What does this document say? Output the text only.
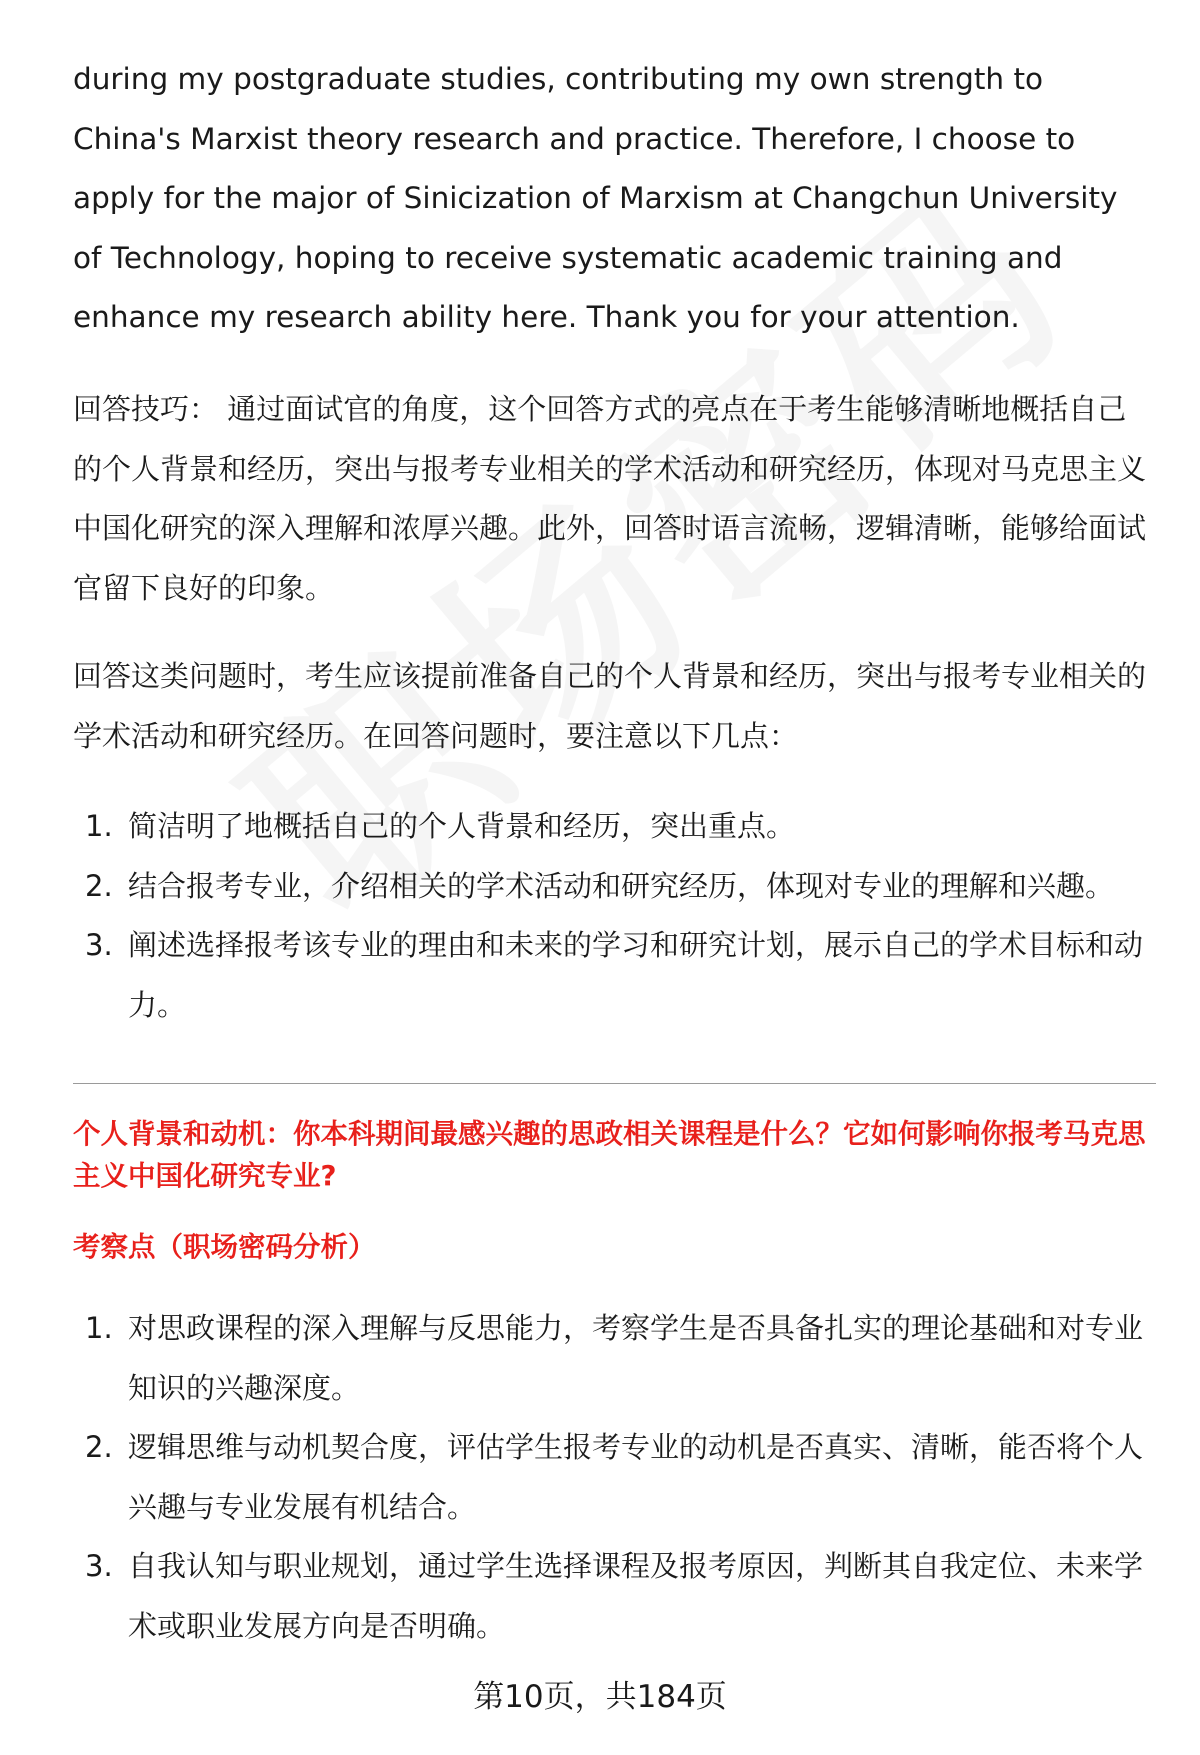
during my postgraduate studies, contributing my own strength to China's Marxist theory research and practice. Therefore, I choose to apply for the major of Sinicization of Marxism at Changchun University of Technology, hoping to receive systematic academic training and enhance my research ability here. Thank you for your attention.

回答技巧： 通过面试官的角度，这个回答方式的亮点在于考生能够清晰地概括自己的个人背景和经历，突出与报考专业相关的学术活动和研究经历，体现对马克思主义中国化研究的深入理解和浓厚兴趣。此外，回答时语言流畅，逻辑清晰，能够给面试官留下良好的印象。

回答这类问题时，考生应该提前准备自己的个人背景和经历，突出与报考专业相关的学术活动和研究经历。在回答问题时，要注意以下几点：

1. 简洁明了地概括自己的个人背景和经历，突出重点。
2. 结合报考专业，介绍相关的学术活动和研究经历，体现对专业的理解和兴趣。
3. 阐述选择报考该专业的理由和未来的学习和研究计划，展示自己的学术目标和动力。

个人背景和动机：你本科期间最感兴趣的思政相关课程是什么？它如何影响你报考马克思主义中国化研究专业?

考察点（职场密码分析）

1. 对思政课程的深入理解与反思能力，考察学生是否具备扎实的理论基础和对专业知识的兴趣深度。
2. 逻辑思维与动机契合度，评估学生报考专业的动机是否真实、清晰，能否将个人兴趣与专业发展有机结合。
3. 自我认知与职业规划，通过学生选择课程及报考原因，判断其自我定位、未来学术或职业发展方向是否明确。
第10页，共184页
